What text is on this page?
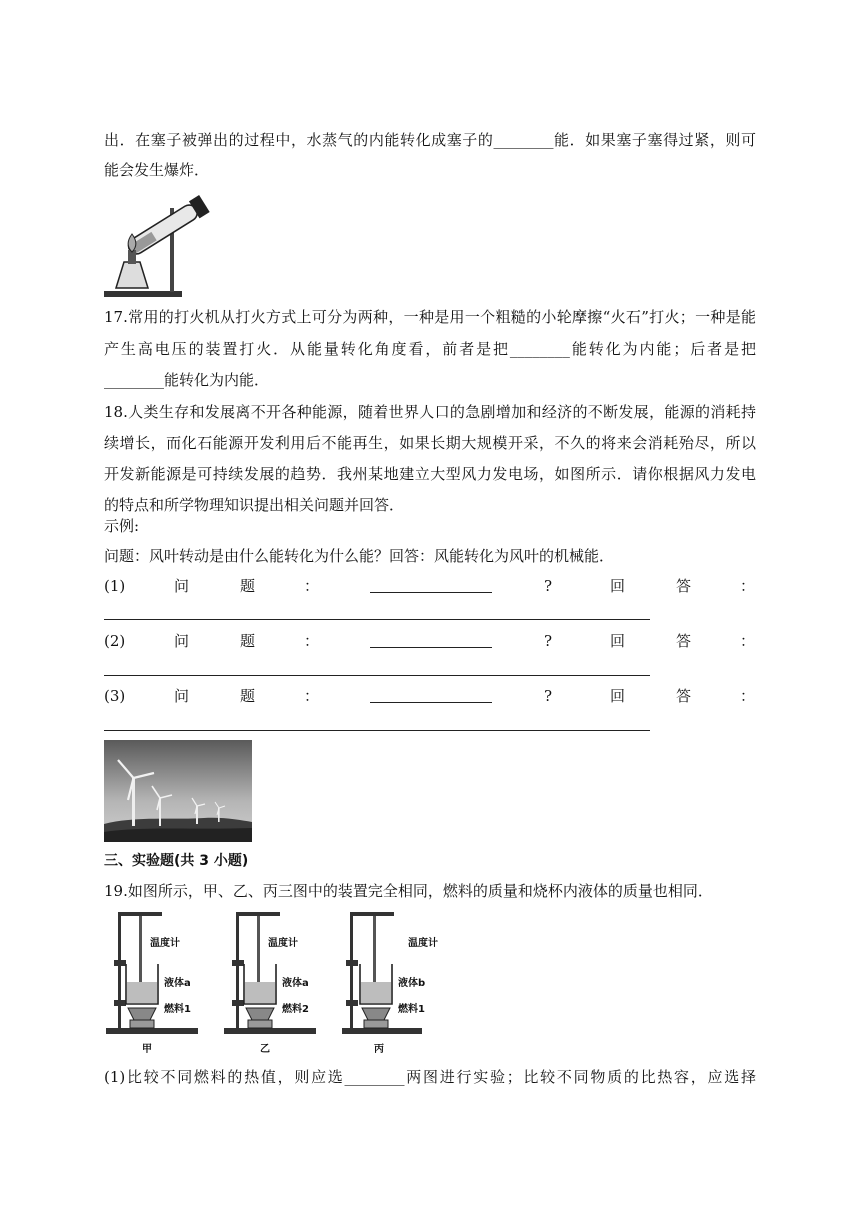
出．在塞子被弹出的过程中，水蒸气的内能转化成塞子的________能．如果塞子塞得过紧，则可
能会发生爆炸．
17.常用的打火机从打火方式上可分为两种，一种是用一个粗糙的小轮摩擦“火石”打火；一种是能
产生高电压的装置打火．从能量转化角度看，前者是把________能转化为内能；后者是把
________能转化为内能．
18.人类生存和发展离不开各种能源，随着世界人口的急剧增加和经济的不断发展，能源的消耗持
续增长，而化石能源开发利用后不能再生，如果长期大规模开采，不久的将来会消耗殆尽，所以
开发新能源是可持续发展的趋势．我州某地建立大型风力发电场，如图所示．请你根据风力发电
的特点和所学物理知识提出相关问题并回答．
示例:
问题：风叶转动是由什么能转化为什么能？回答：风能转化为风叶的机械能．
(1)	问	题	：	?	回	答	：
(2)	问	题	：	?	回	答	：
(3)	问	题	：	?	回	答	：
三、实验题(共 3 小题)
19.如图所示，甲、乙、丙三图中的装置完全相同，燃料的质量和烧杯内液体的质量也相同．
温度计
液体a
燃料1
甲
温度计
液体a
燃料2
乙
温度计
液体b
燃料1
丙
(1)比较不同燃料的热值，则应选________两图进行实验；比较不同物质的比热容，应选择
